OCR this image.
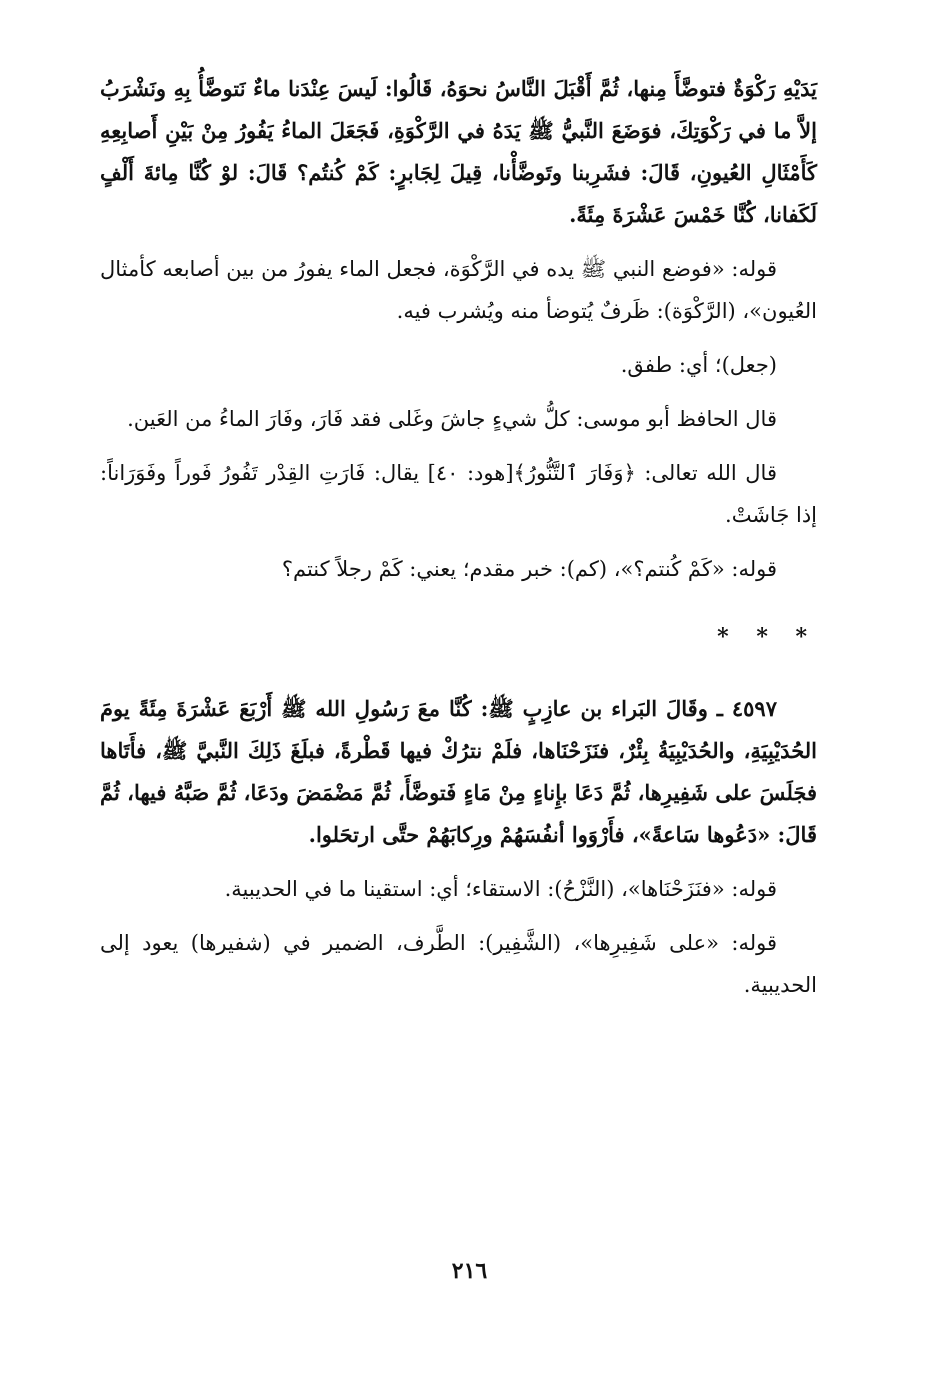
يَدَيْهِ رَكْوَةٌ فتوضَّأَ مِنها، ثُمَّ أَقْبَلَ النَّاسُ نحوَهُ، قَالُوا: لَيسَ عِنْدَنا ماءٌ نَتوضَّأُ بِهِ ونَشْرَبُ إلاَّ ما في رَكْوَتِكَ، فوَضَعَ النَّبيُّ ﷺ يَدَهُ في الرَّكْوَةِ، فَجَعَلَ الماءُ يَفُورُ مِنْ بَيْنِ أَصابِعِهِ كَأَمْثَالِ العُيونِ، قَالَ: فشَرِبنا وتَوضَّأْنا، قِيلَ لِجَابرٍ: كَمْ كُنتُم؟ قَالَ: لوْ كُنَّا مِائةَ أَلْفٍ لَكَفانا، كُنَّا خَمْسَ عَشْرَةَ مِئَةً.

قوله: «فوضع النبي ﷺ يده في الرَّكْوَة، فجعل الماء يفورُ من بين أصابعه كأمثال العُيون»، (الرَّكْوَة): ظَرفٌ يُتوضأ منه ويُشرب فيه.

(جعل)؛ أي: طفق.

قال الحافظ أبو موسى: كلُّ شيءٍ جاشَ وغَلى فقد فَارَ، وفَارَ الماءُ من العَين.

قال الله تعالى: ﴿وَفَارَ ٱلتَّنُّورُ﴾[هود: ٤٠] يقال: فَارَتِ القِدْر تَفُورُ فَوراً وفَوَرَاناً: إذا جَاشَتْ.

قوله: «كَمْ كُنتم؟»، (كم): خبر مقدم؛ يعني: كَمْ رجلاً كنتم؟

* * *

٤٥٩٧ ـ وقَالَ البَراء بن عازِبٍ ﷺ: كُنَّا معَ رَسُولِ الله ﷺ أَرْبَعَ عَشْرَةَ مِئَةً يومَ الحُدَيْبِيَةِ، والحُدَيْبِيَةُ بِئْرٌ، فنَزَحْنَاها، فلَمْ نترُكْ فيها قَطْرةً، فبلَغَ ذَلِكَ النَّبيَّ ﷺ، فأَتَاها فجَلَسَ على شَفِيرِها، ثُمَّ دَعَا بإِناءٍ مِنْ مَاءٍ فَتوضَّأَ، ثُمَّ مَضْمَضَ ودَعَا، ثُمَّ صَبَّهُ فيها، ثُمَّ قَالَ: «دَعُوها سَاعةً»، فأَرْوَوا أنفُسَهُمْ ورِكابَهُمْ حتَّى ارتحَلوا.

قوله: «فنَزَحْنَاها»، (النَّزْحُ): الاستقاء؛ أي: استقينا ما في الحديبية.

قوله: «على شَفِيرِها»، (الشَّفِير): الطَّرف، الضمير في (شفيرها) يعود إلى الحديبية.

٢١٦
